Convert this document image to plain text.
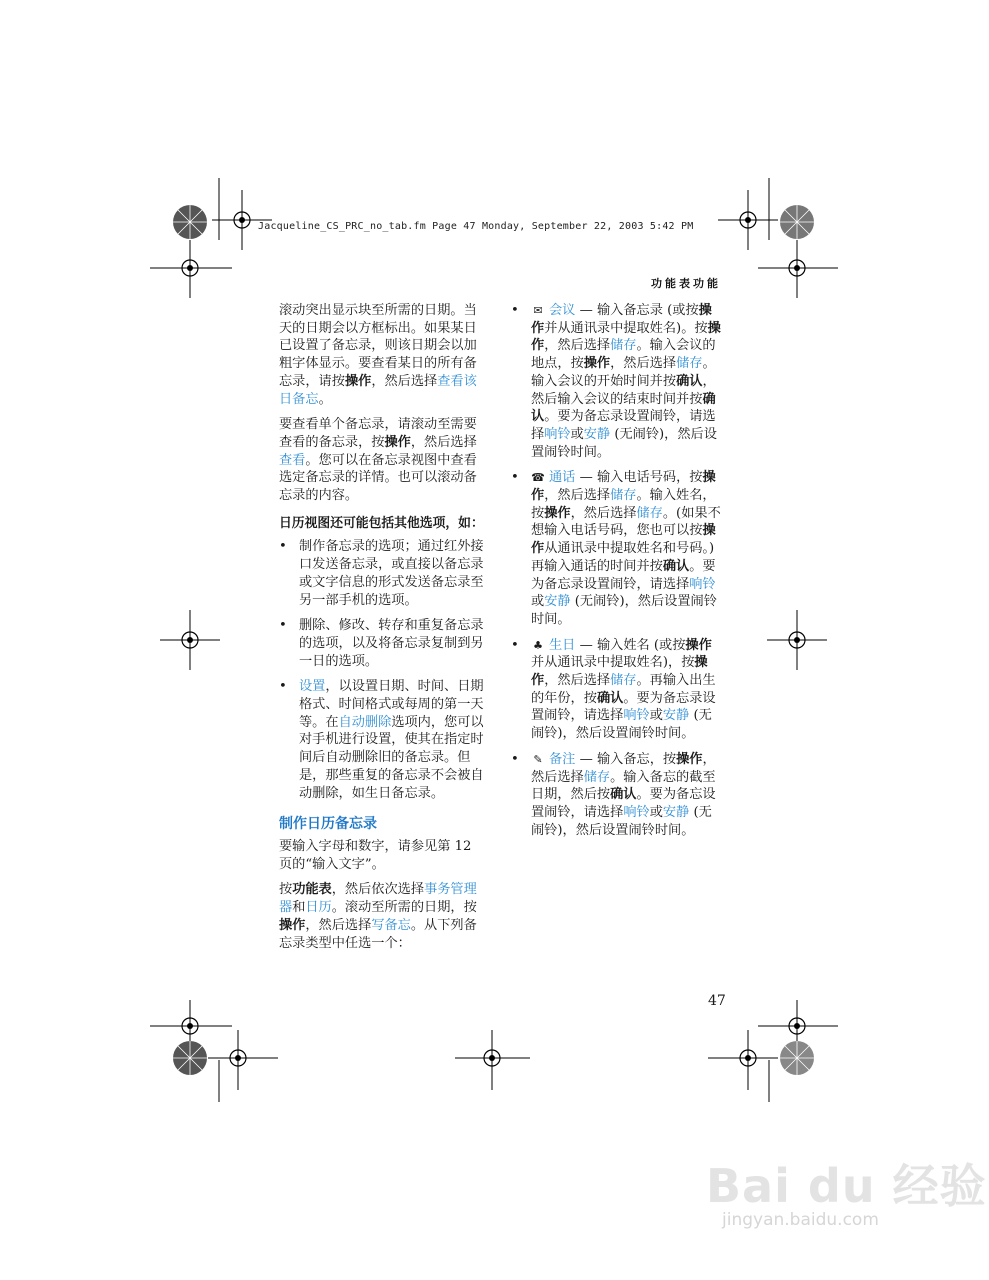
Jacqueline_CS_PRC_no_tab.fm Page 47 Monday, September 22, 2003 5:42 PM
功能表功能

滚动突出显示块至所需的日期。当天的日期会以方框标出。如果某日已设置了备忘录，则该日期会以加粗字体显示。要查看某日的所有备忘录，请按操作，然后选择查看该日备忘。

要查看单个备忘录，请滚动至需要查看的备忘录，按操作，然后选择查看。您可以在备忘录视图中查看选定备忘录的详情。也可以滚动备忘录的内容。

日历视图还可能包括其他选项，如：
• 制作备忘录的选项；通过红外接口发送备忘录，或直接以备忘录或文字信息的形式发送备忘录至另一部手机的选项。
• 删除、修改、转存和重复备忘录的选项，以及将备忘录复制到另一日的选项。
• 设置，以设置日期、时间、日期格式、时间格式或每周的第一天等。在自动删除选项内，您可以对手机进行设置，使其在指定时间后自动删除旧的备忘录。但是，那些重复的备忘录不会被自动删除，如生日备忘录。
制作日历备忘录

要输入字母和数字，请参见第 12 页的“输入文字”。

按功能表，然后依次选择事务管理器和日历。滚动至所需的日期，按操作，然后选择写备忘。从下列备忘录类型中任选一个：

• ✉ 会议 — 输入备忘录 (或按操作并从通讯录中提取姓名)。按操作，然后选择储存。输入会议的地点，按操作，然后选择储存。输入会议的开始时间并按确认，然后输入会议的结束时间并按确认。要为备忘录设置闹铃，请选择响铃或安静 (无闹铃)，然后设置闹铃时间。
• ☎ 通话 — 输入电话号码，按操作，然后选择储存。输入姓名，按操作，然后选择储存。(如果不想输入电话号码，您也可以按操作从通讯录中提取姓名和号码。) 再输入通话的时间并按确认。要为备忘录设置闹铃，请选择响铃或安静 (无闹铃)，然后设置闹铃时间。
• ♣ 生日 — 输入姓名 (或按操作并从通讯录中提取姓名)，按操作，然后选择储存。再输入出生的年份，按确认。要为备忘录设置闹铃，请选择响铃或安静 (无闹铃)，然后设置闹铃时间。
• ✎ 备注 — 输入备忘，按操作，然后选择储存。输入备忘的截至日期，然后按确认。要为备忘设置闹铃，请选择响铃或安静 (无闹铃)，然后设置闹铃时间。
47
Bai du 经验
jingyan.baidu.com
